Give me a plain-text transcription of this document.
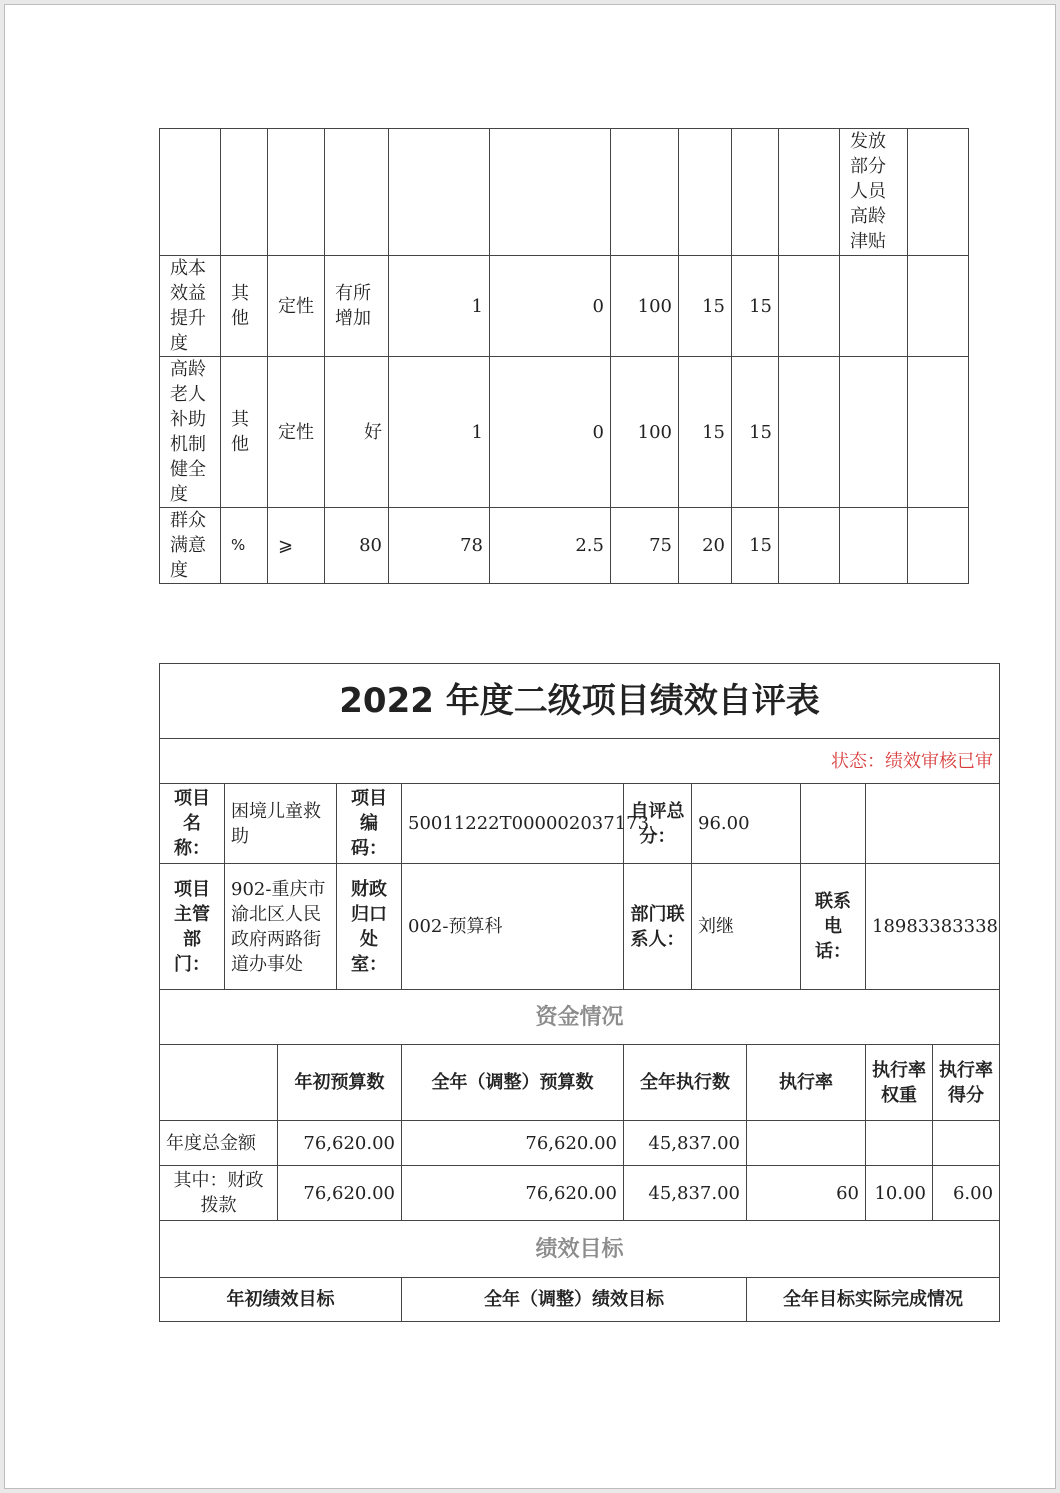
										发放部分人员高龄津贴	
成本效益提升度	其他	定性	有所增加	1	0	100	15	15			
高龄老人补助机制健全度	其他	定性	好	1	0	100	15	15			
群众满意度	%	⩾	80	78	2.5	75	20	15			
2022 年度二级项目绩效自评表										
状态：绩效审核已审										
项目名称：	困境儿童救助		项目编码：	50011222T000002037173	自评总分：	96.00				
项目主管部门：	902-重庆市渝北区人民政府两路街道办事处		财政归口处室：	002-预算科	部门联系人：	刘继		联系电话：	18983383338	
资金情况										
		年初预算数		全年（调整）预算数	全年执行数		执行率		执行率权重	执行率得分
年度总金额		76,620.00		76,620.00	45,837.00					
其中：财政拨款		76,620.00		76,620.00	45,837.00		60		10.00	6.00
绩效目标										
年初绩效目标				全年（调整）绩效目标			全年目标实际完成情况			
